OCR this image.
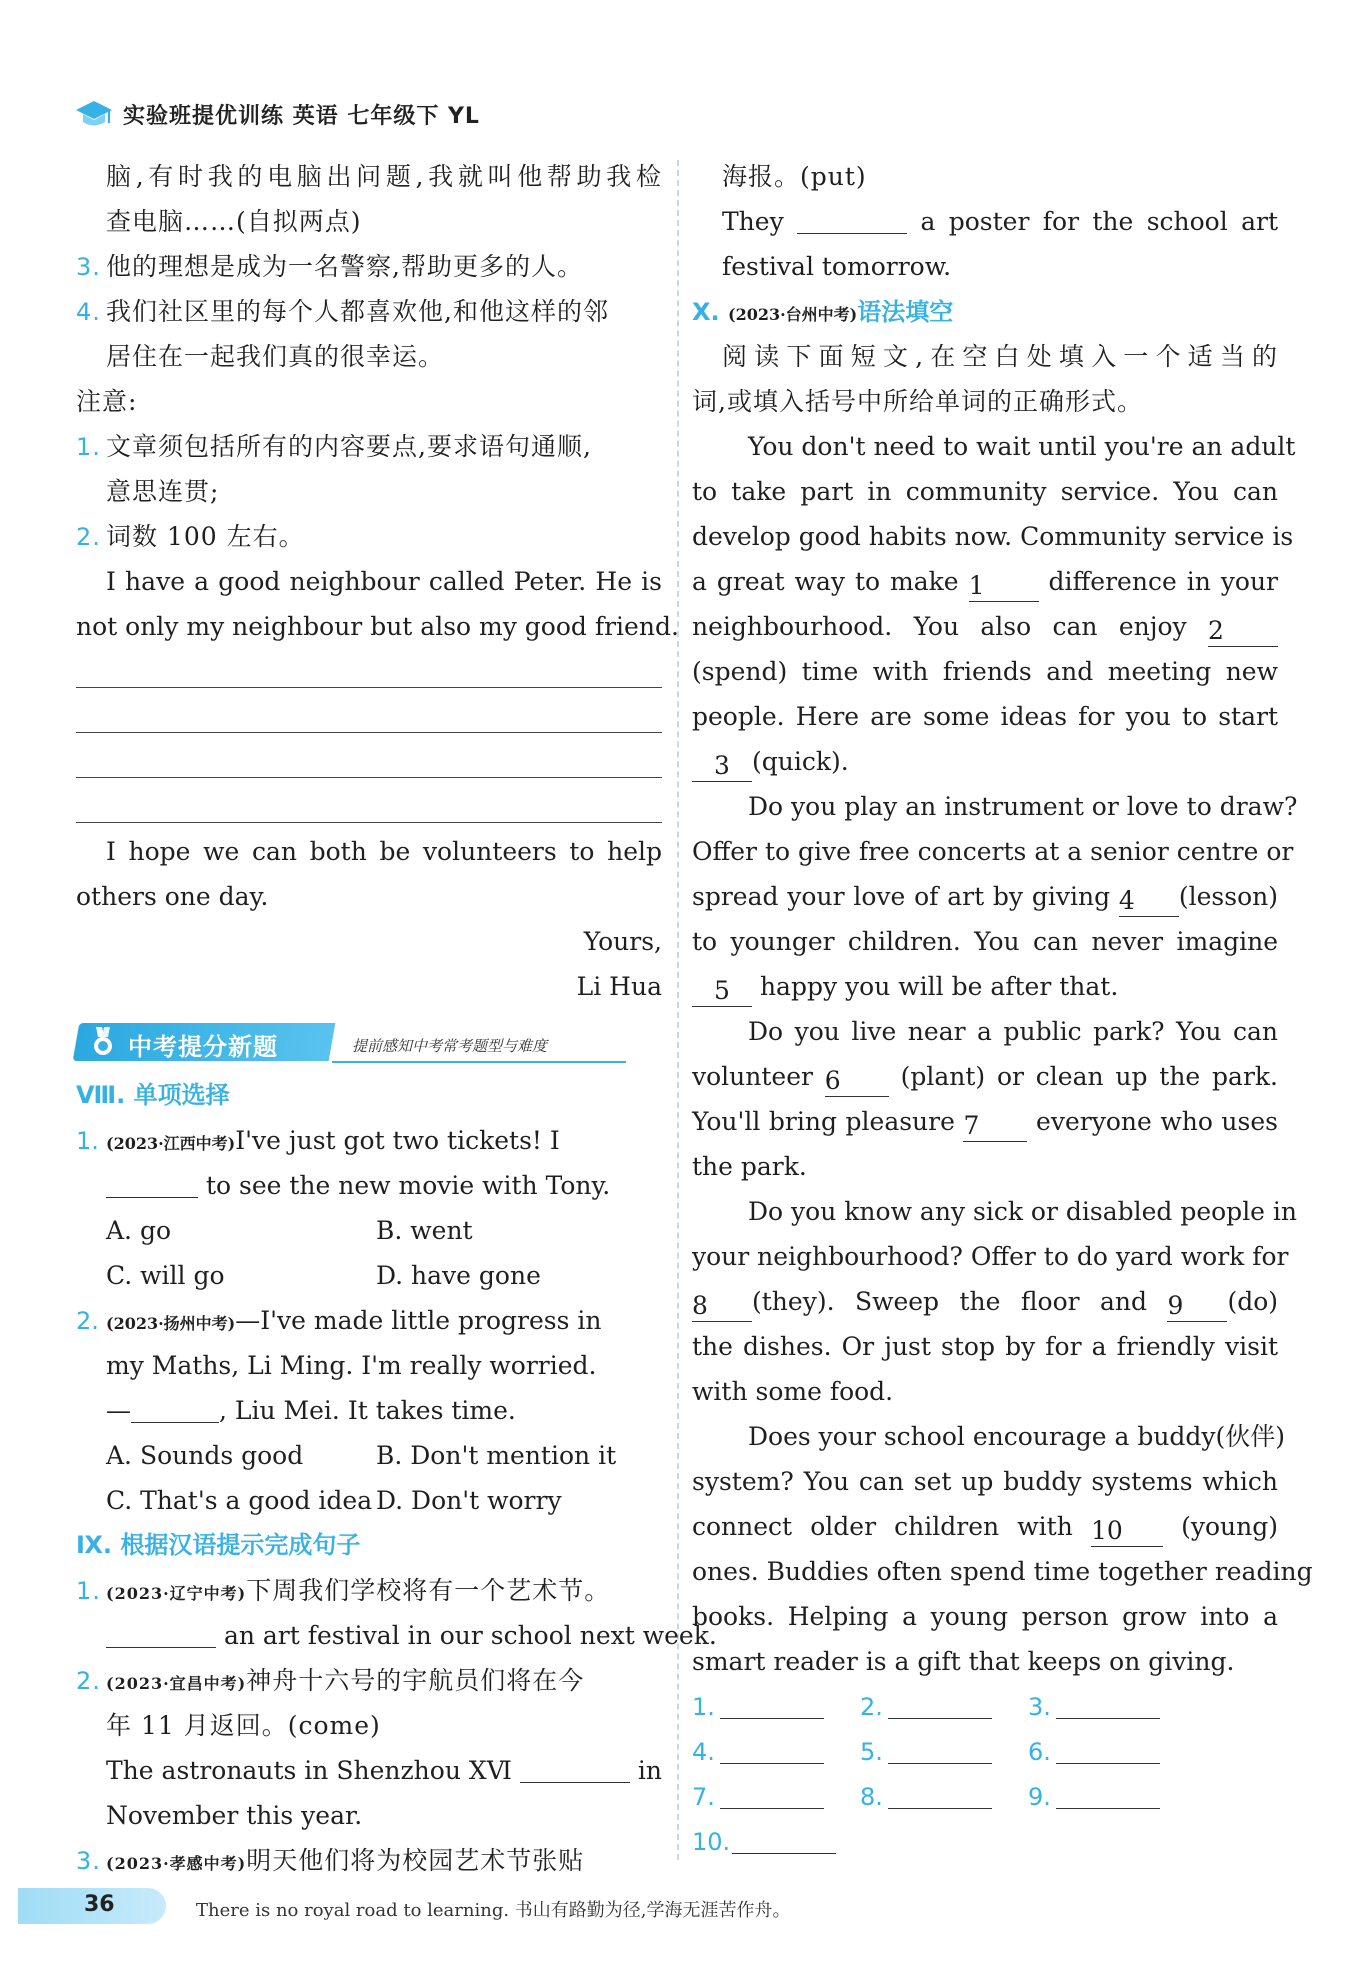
实验班提优训练 英语 七年级下 YL
脑,有时我的电脑出问题,我就叫他帮助我检
查电脑……(自拟两点)
3. 他的理想是成为一名警察,帮助更多的人。
4. 我们社区里的每个人都喜欢他,和他这样的邻
居住在一起我们真的很幸运。
注意:
1. 文章须包括所有的内容要点,要求语句通顺,
意思连贯;
2. 词数 100 左右。
I have a good neighbour called Peter. He is
not only my neighbour but also my good friend.
I hope we can both be volunteers to help
others one day.
Yours,
Li Hua
中考提分新题	提前感知中考常考题型与难度
Ⅷ. 单项选择
1. (2023·江西中考)I've just got two tickets! I
to see the new movie with Tony.
A. go	B. went
C. will go	D. have gone
2. (2023·扬州中考)—I've made little progress in
my Maths, Li Ming. I'm really worried.
—	, Liu Mei. It takes time.
A. Sounds good	B. Don't mention it
C. That's a good idea D. Don't worry
Ⅸ. 根据汉语提示完成句子
1. (2023·辽宁中考)下周我们学校将有一个艺术节。
an art festival in our school next week.
2. (2023·宜昌中考)神舟十六号的宇航员们将在今
年 11 月返回。(come)
The astronauts in Shenzhou ⅩⅥ	in
November this year.
3. (2023·孝感中考)明天他们将为校园艺术节张贴
海报。(put)
They	a poster for the school art
festival tomorrow.
Ⅹ. (2023·台州中考)语法填空
阅读下面短文,在空白处填入一个适当的
词,或填入括号中所给单词的正确形式。
You don't need to wait until you're an adult
to take part in community service. You can
develop good habits now. Community service is
a great way to make 1	difference in your
neighbourhood. You also can enjoy 2
(spend) time with friends and meeting new
people. Here are some ideas for you to start
3 (quick).
Do you play an instrument or love to draw?
Offer to give free concerts at a senior centre or
spread your love of art by giving 4 (lesson)
to younger children. You can never imagine
5 happy you will be after that.
Do you live near a public park? You can
volunteer 6 (plant) or clean up the park.
You'll bring pleasure 7 everyone who uses
the park.
Do you know any sick or disabled people in
your neighbourhood? Offer to do yard work for
8 (they). Sweep the floor and 9 (do)
the dishes. Or just stop by for a friendly visit
with some food.
Does your school encourage a buddy(伙伴)
system? You can set up buddy systems which
connect older children with 10 (young)
ones. Buddies often spend time together reading
books. Helping a young person grow into a
smart reader is a gift that keeps on giving.
1.	2.	3.
4.	5.	6.
7.	8.	9.
10.
36	There is no royal road to learning. 书山有路勤为径,学海无涯苦作舟。
